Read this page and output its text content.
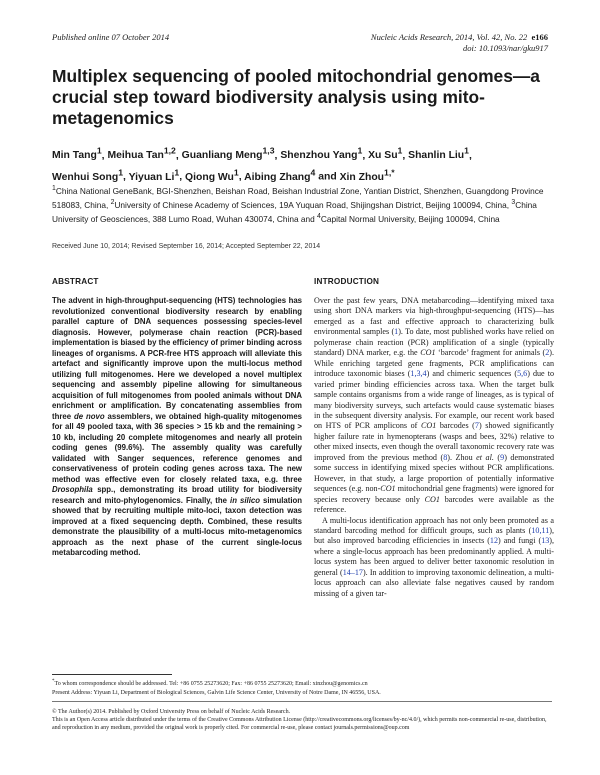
Published online 07 October 2014	Nucleic Acids Research, 2014, Vol. 42, No. 22 e166
doi: 10.1093/nar/gku917
Multiplex sequencing of pooled mitochondrial genomes—a crucial step toward biodiversity analysis using mito-metagenomics
Min Tang$^1$, Meihua Tan$^{1,2}$, Guanliang Meng$^{1,3}$, Shenzhou Yang$^1$, Xu Su$^1$, Shanlin Liu$^1$,
Wenhui Song$^1$, Yiyuan Li$^1$, Qiong Wu$^1$, Aibing Zhang$^4$ and Xin Zhou$^{1,*}$
$^1$China National GeneBank, BGI-Shenzhen, Beishan Road, Beishan Industrial Zone, Yantian District, Shenzhen, Guangdong Province 518083, China, $^2$University of Chinese Academy of Sciences, 19A Yuquan Road, Shijingshan District, Beijing 100094, China, $^3$China University of Geosciences, 388 Lumo Road, Wuhan 430074, China and $^4$Capital Normal University, Beijing 100094, China
Received June 10, 2014; Revised September 16, 2014; Accepted September 22, 2014
ABSTRACT

The advent in high-throughput-sequencing (HTS) technologies has revolutionized conventional biodiversity research by enabling parallel capture of DNA sequences possessing species-level diagnosis. However, polymerase chain reaction (PCR)-based implementation is biased by the efficiency of primer binding across lineages of organisms. A PCR-free HTS approach will alleviate this artefact and significantly improve upon the multi-locus method utilizing full mitogenomes. Here we developed a novel multiplex sequencing and assembly pipeline allowing for simultaneous acquisition of full mitogenomes from pooled animals without DNA enrichment or amplification. By concatenating assemblies from three de novo assemblers, we obtained high-quality mitogenomes for all 49 pooled taxa, with 36 species > 15 kb and the remaining > 10 kb, including 20 complete mitogenomes and nearly all protein coding genes (99.6%). The assembly quality was carefully validated with Sanger sequences, reference genomes and conservativeness of protein coding genes across taxa. The new method was effective even for closely related taxa, e.g. three Drosophila spp., demonstrating its broad utility for biodiversity research and mito-phylogenomics. Finally, the in silico simulation showed that by recruiting multiple mito-loci, taxon detection was improved at a fixed sequencing depth. Combined, these results demonstrate the plausibility of a multi-locus mito-metagenomics approach as the next phase of the current single-locus metabarcoding method.

INTRODUCTION

Over the past few years, DNA metabarcoding—identifying mixed taxa using short DNA markers via high-throughput-sequencing (HTS)—has emerged as a fast and effective approach to characterizing bulk environmental samples (1). To date, most published works have relied on polymerase chain reaction (PCR) amplification of a single (typically standard) DNA marker, e.g. the CO1 ‘barcode’ fragment for animals (2). While enriching targeted gene fragments, PCR amplifications can introduce taxonomic biases (1,3,4) and chimeric sequences (5,6) due to varied primer binding efficiencies across taxa. When the target bulk sample contains organisms from a wide range of lineages, as is typical of many biodiversity surveys, such artefacts would cause systematic biases in the subsequent diversity analysis. For example, our recent work based on HTS of PCR amplicons of CO1 barcodes (7) showed significantly higher failure rate in hymenopterans (wasps and bees, 32%) relative to other mixed insects, even though the overall taxonomic recovery rate was improved from the previous method (8). Zhou et al. (9) demonstrated some success in identifying mixed species without PCR amplifications. However, in that study, a large proportion of potentially informative sequences (e.g. non-CO1 mitochondrial gene fragments) were ignored for species recovery because only CO1 barcodes were available as the reference.

A multi-locus identification approach has not only been promoted as a standard barcoding method for difficult groups, such as plants (10,11), but also improved barcoding efficiencies in insects (12) and fungi (13), where a single-locus approach has been predominantly applied. A multi-locus system has been argued to deliver better taxonomic resolution in general (14–17). In addition to improving taxonomic delineation, a multi-locus approach can also alleviate false negatives caused by random missing of a given tar-

*To whom correspondence should be addressed. Tel: +86 0755 25273620; Fax: +86 0755 25273620; Email: xinzhou@genomics.cn
Present Address: Yiyuan Li, Department of Biological Sciences, Galvin Life Science Center, University of Notre Dame, IN 46556, USA.
© The Author(s) 2014. Published by Oxford University Press on behalf of Nucleic Acids Research.
This is an Open Access article distributed under the terms of the Creative Commons Attribution License (http://creativecommons.org/licenses/by-nc/4.0/), which permits non-commercial re-use, distribution, and reproduction in any medium, provided the original work is properly cited. For commercial re-use, please contact journals.permissions@oup.com
